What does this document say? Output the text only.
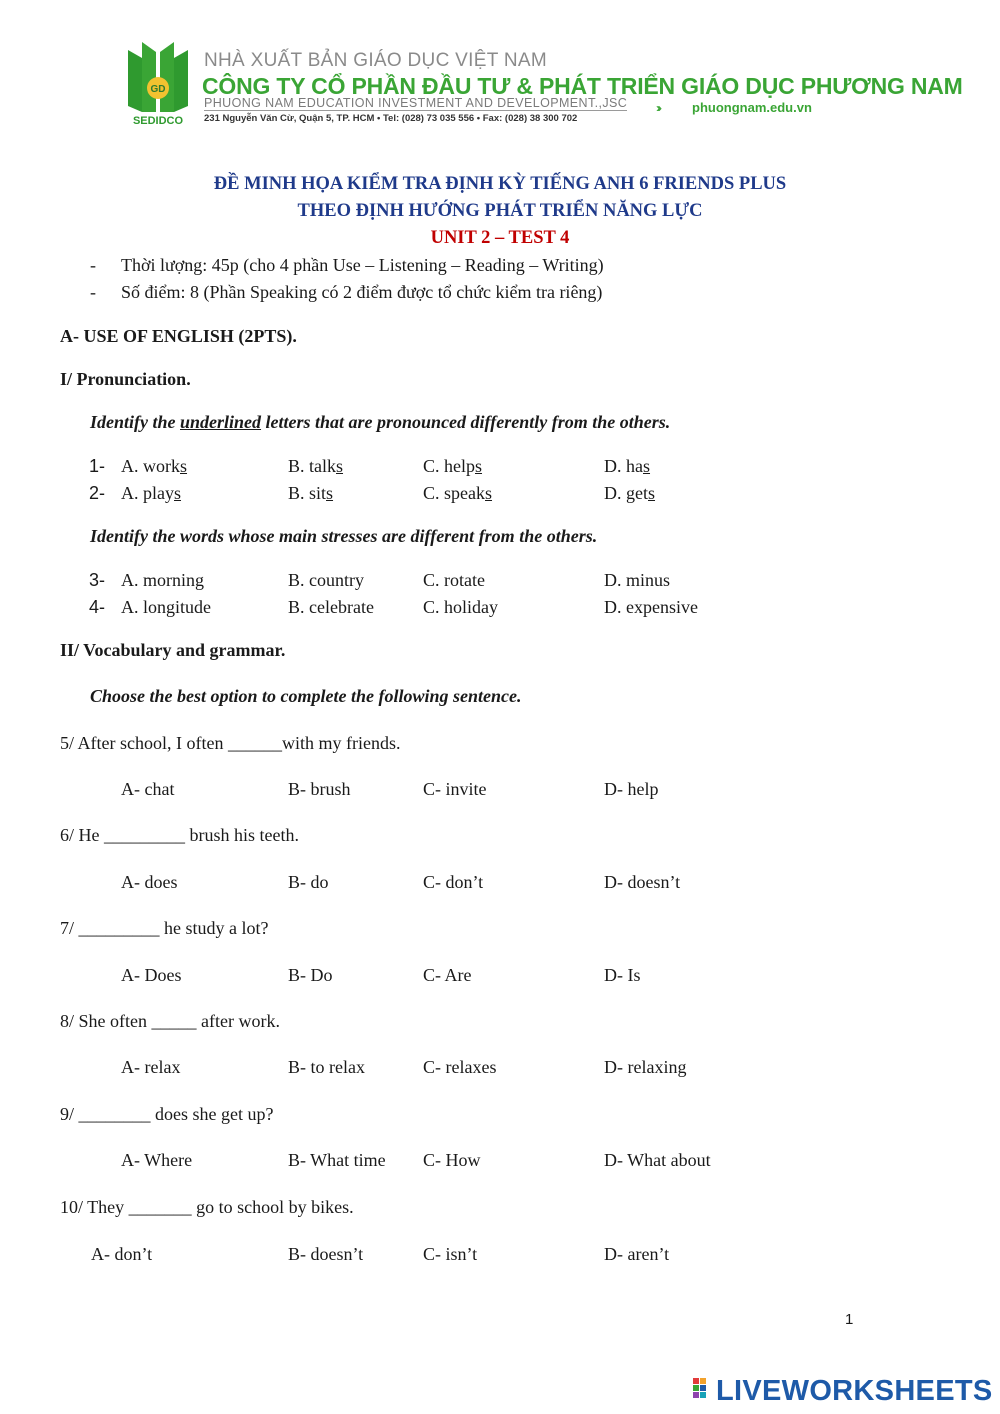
GD
SEDIDCO
NHÀ XUẤT BẢN GIÁO DỤC VIỆT NAM
CÔNG TY CỔ PHẦN ĐẦU TƯ & PHÁT TRIỂN GIÁO DỤC PHƯƠNG NAM
PHUONG NAM EDUCATION INVESTMENT AND DEVELOPMENT.,JSC
231 Nguyễn Văn Cừ, Quận 5, TP. HCM • Tel: (028) 73 035 556 • Fax: (028) 38 300 702
›››	phuongnam.edu.vn
ĐỀ MINH HỌA KIỂM TRA ĐỊNH KỲ TIẾNG ANH 6 FRIENDS PLUS
THEO ĐỊNH HƯỚNG PHÁT TRIỂN NĂNG LỰC
UNIT 2 – TEST 4
- Thời lượng: 45p (cho 4 phần Use – Listening – Reading – Writing)
- Số điểm: 8 (Phần Speaking có 2 điểm được tổ chức kiểm tra riêng)
A- USE OF ENGLISH (2PTS).
I/ Pronunciation.
Identify the underlined letters that are pronounced differently from the others.
1- A. works	B. talks	C. helps	D. has
2- A. plays	B. sits	C. speaks	D. gets
Identify the words whose main stresses are different from the others.
3- A. morning	B. country	C. rotate	D. minus
4- A. longitude	B. celebrate	C. holiday	D. expensive
II/ Vocabulary and grammar.
Choose the best option to complete the following sentence.
5/ After school, I often ______with my friends.
A- chat	B- brush	C- invite	D- help
6/ He _________ brush his teeth.
A- does	B- do	C- don’t	D- doesn’t
7/ _________ he study a lot?
A- Does	B- Do	C- Are	D- Is
8/ She often _____ after work.
A- relax	B- to relax	C- relaxes	D- relaxing
9/ ________ does she get up?
A- Where	B- What time C- How	D- What about
10/ They _______ go to school by bikes.
A- don’t	B- doesn’t	C- isn’t	D- aren’t
1
LIVEWORKSHEETS
